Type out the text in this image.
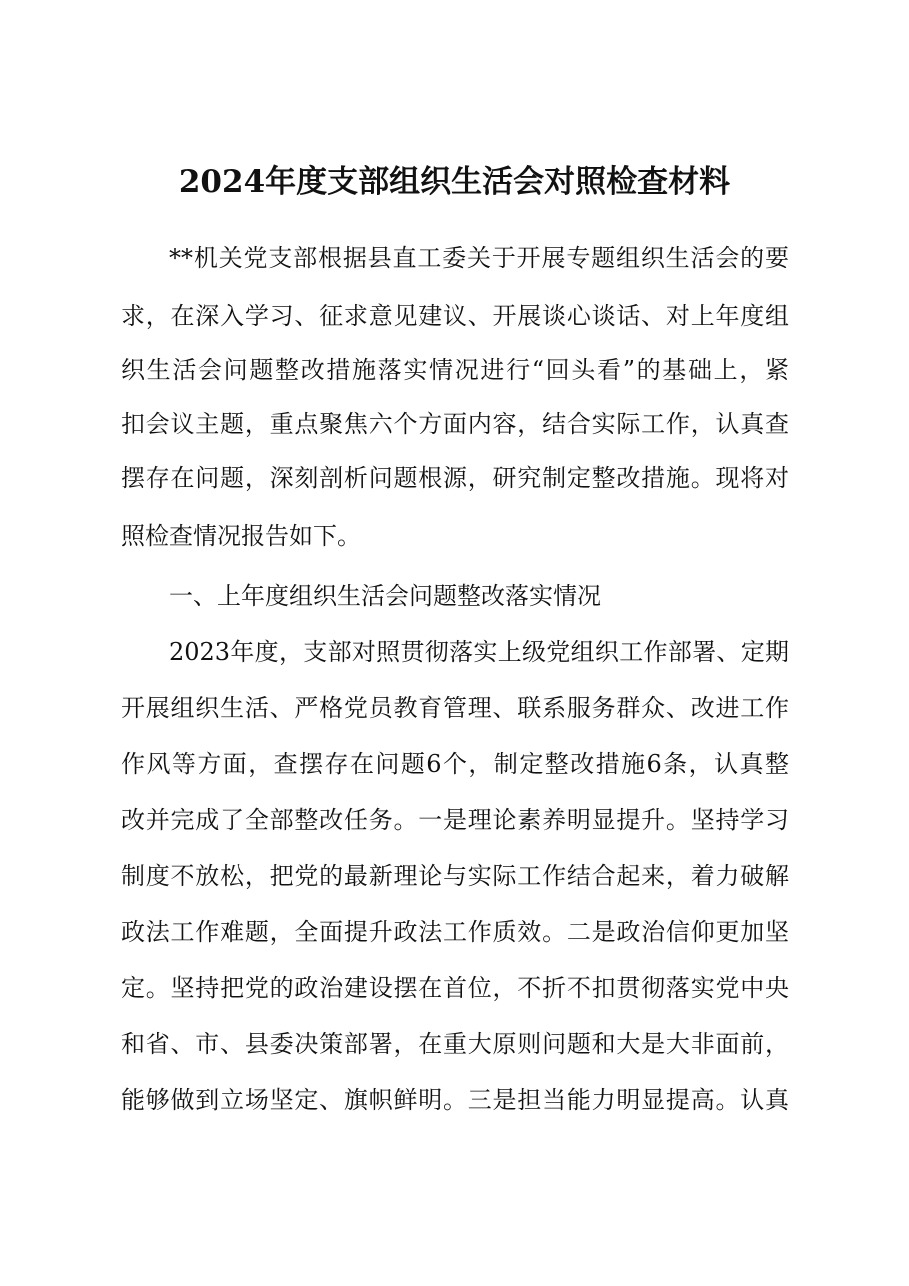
2024年度支部组织生活会对照检查材料
**机关党支部根据县直工委关于开展专题组织生活会的要
求，在深入学习、征求意见建议、开展谈心谈话、对上年度组
织生活会问题整改措施落实情况进行“回头看”的基础上，紧
扣会议主题，重点聚焦六个方面内容，结合实际工作，认真查
摆存在问题，深刻剖析问题根源，研究制定整改措施。现将对
照检查情况报告如下。
一、上年度组织生活会问题整改落实情况
2023年度，支部对照贯彻落实上级党组织工作部署、定期
开展组织生活、严格党员教育管理、联系服务群众、改进工作
作风等方面，查摆存在问题6个，制定整改措施6条，认真整
改并完成了全部整改任务。一是理论素养明显提升。坚持学习
制度不放松，把党的最新理论与实际工作结合起来，着力破解
政法工作难题，全面提升政法工作质效。二是政治信仰更加坚
定。坚持把党的政治建设摆在首位，不折不扣贯彻落实党中央
和省、市、县委决策部署，在重大原则问题和大是大非面前，
能够做到立场坚定、旗帜鲜明。三是担当能力明显提高。认真
